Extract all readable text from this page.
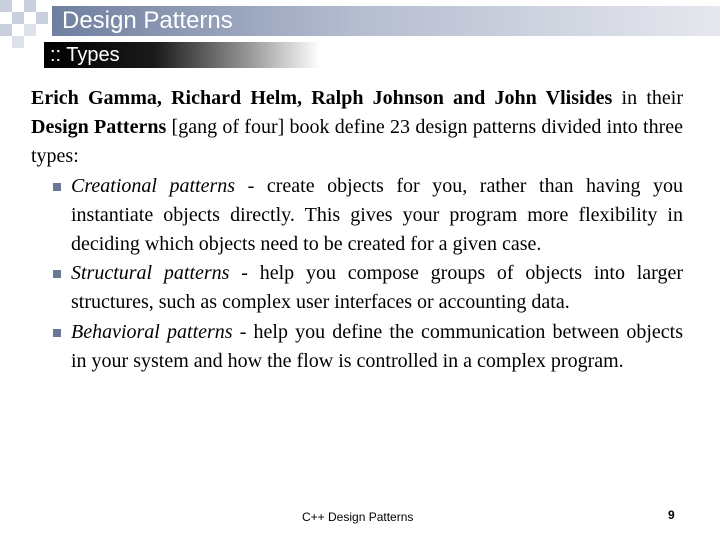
Design Patterns
:: Types

Erich Gamma, Richard Helm, Ralph Johnson and John Vlisides in their Design Patterns [gang of four] book define 23 design patterns divided into three types:

Creational patterns - create objects for you, rather than having you instantiate objects directly. This gives your program more flexibility in deciding which objects need to be created for a given case.
Structural patterns - help you compose groups of objects into larger structures, such as complex user interfaces or accounting data.
Behavioral patterns - help you define the communication between objects in your system and how the flow is controlled in a complex program.
C++ Design Patterns	9
